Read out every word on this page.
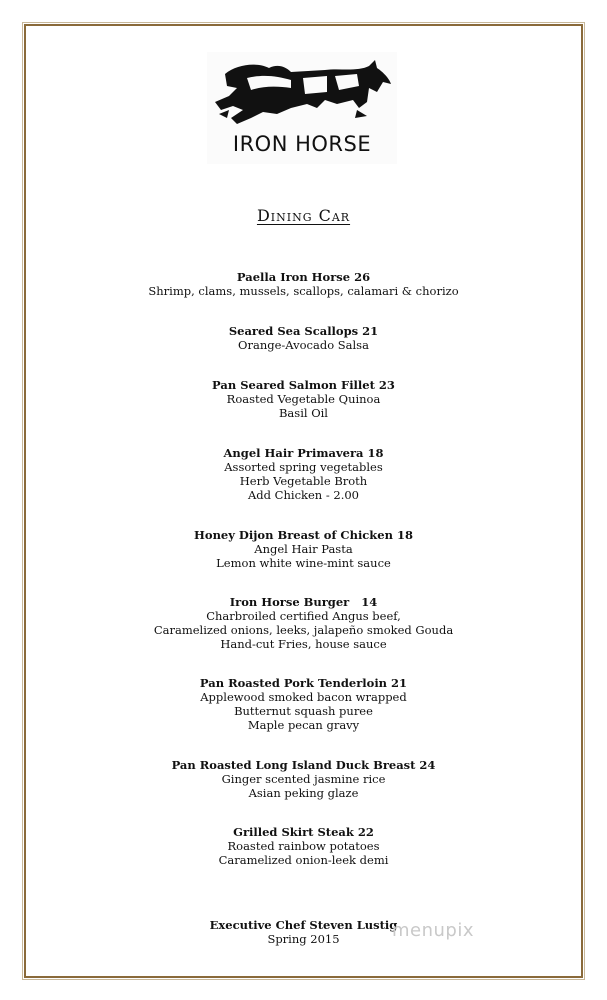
IRON HORSE
Dining Car
Paella Iron Horse 26
Shrimp, clams, mussels, scallops, calamari & chorizo
Seared Sea Scallops 21
Orange-Avocado Salsa
Pan Seared Salmon Fillet 23
Roasted Vegetable Quinoa
Basil Oil
Angel Hair Primavera 18
Assorted spring vegetables
Herb Vegetable Broth
Add Chicken - 2.00
Honey Dijon Breast of Chicken 18
Angel Hair Pasta
Lemon white wine-mint sauce
Iron Horse Burger   14
Charbroiled certified Angus beef,
Caramelized onions, leeks, jalapeño smoked Gouda
Hand-cut Fries, house sauce
Pan Roasted Pork Tenderloin 21
Applewood smoked bacon wrapped
Butternut squash puree
Maple pecan gravy
Pan Roasted Long Island Duck Breast 24
Ginger scented jasmine rice
Asian peking glaze
Grilled Skirt Steak 22
Roasted rainbow potatoes
Caramelized onion-leek demi
Executive Chef Steven Lustig
Spring 2015	menupix
